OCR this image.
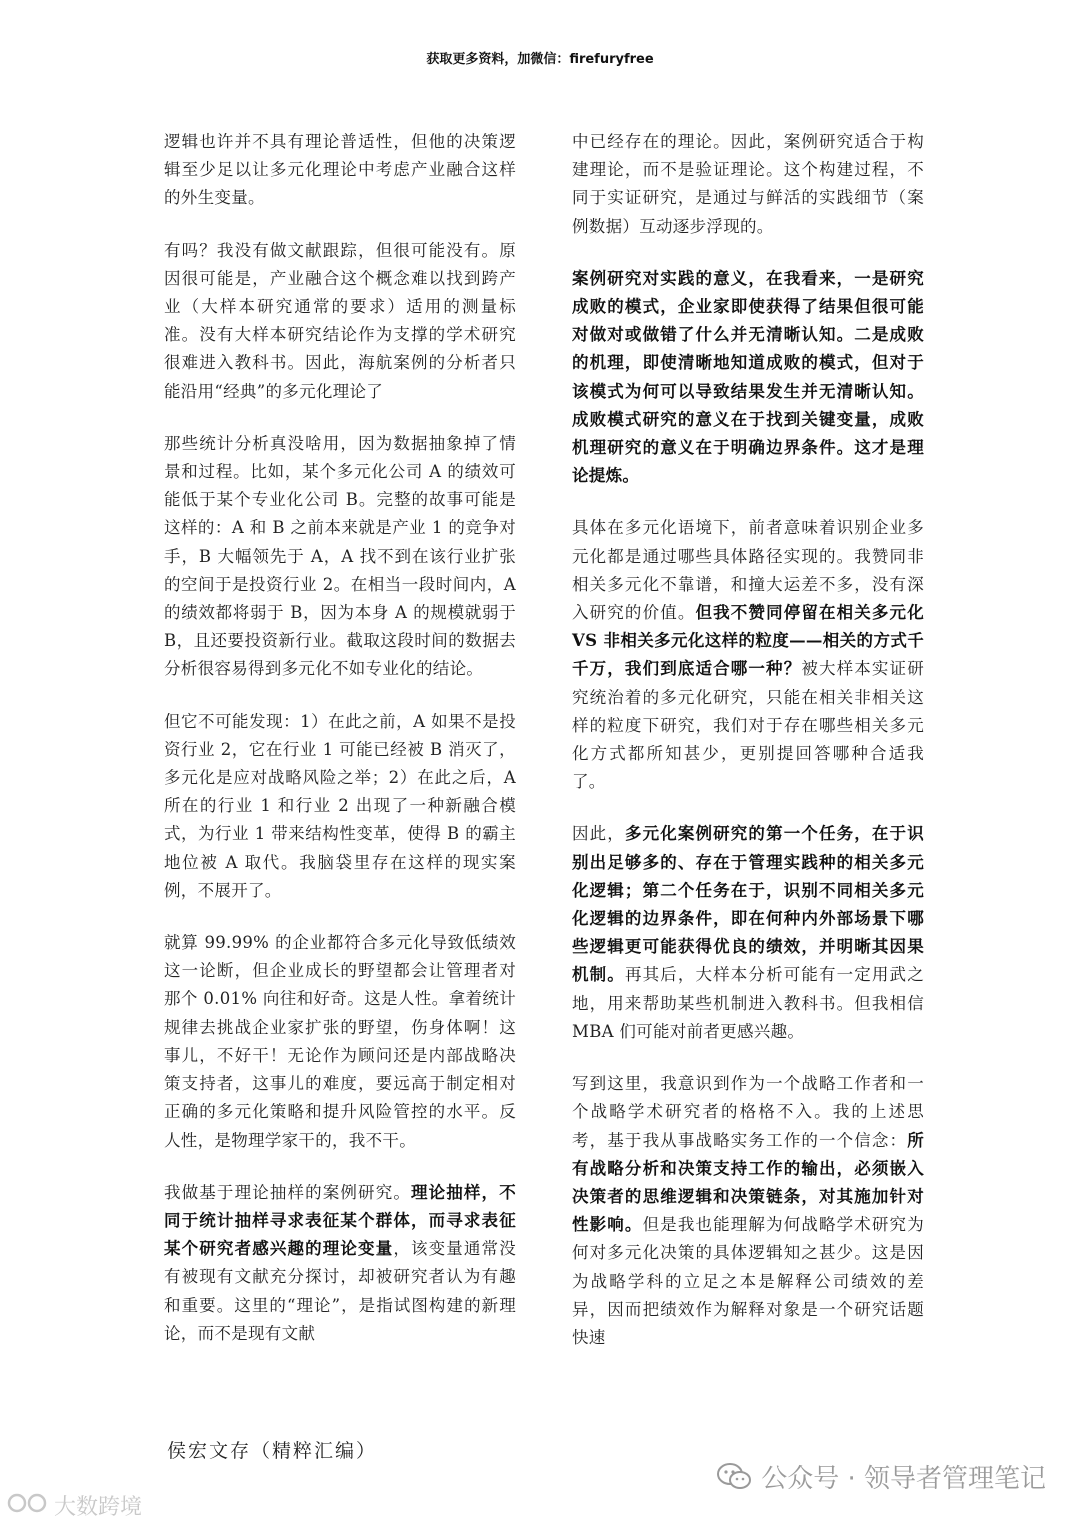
获取更多资料，加微信：firefuryfree

逻辑也许并不具有理论普适性，但他的决策逻辑至少足以让多元化理论中考虑产业融合这样的外生变量。

有吗？我没有做文献跟踪，但很可能没有。原因很可能是，产业融合这个概念难以找到跨产业（大样本研究通常的要求）适用的测量标准。没有大样本研究结论作为支撑的学术研究很难进入教科书。因此，海航案例的分析者只能沿用“经典”的多元化理论了

那些统计分析真没啥用，因为数据抽象掉了情景和过程。比如，某个多元化公司 A 的绩效可能低于某个专业化公司 B。完整的故事可能是这样的：A 和 B 之前本来就是产业 1 的竞争对手，B 大幅领先于 A，A 找不到在该行业扩张的空间于是投资行业 2。在相当一段时间内，A 的绩效都将弱于 B，因为本身 A 的规模就弱于 B，且还要投资新行业。截取这段时间的数据去分析很容易得到多元化不如专业化的结论。

但它不可能发现：1）在此之前，A 如果不是投资行业 2，它在行业 1 可能已经被 B 消灭了，多元化是应对战略风险之举；2）在此之后，A 所在的行业 1 和行业 2 出现了一种新融合模式，为行业 1 带来结构性变革，使得 B 的霸主地位被 A 取代。我脑袋里存在这样的现实案例，不展开了。

就算 99.99% 的企业都符合多元化导致低绩效这一论断，但企业成长的野望都会让管理者对那个 0.01% 向往和好奇。这是人性。拿着统计规律去挑战企业家扩张的野望，伤身体啊！这事儿，不好干！无论作为顾问还是内部战略决策支持者，这事儿的难度，要远高于制定相对正确的多元化策略和提升风险管控的水平。反人性，是物理学家干的，我不干。

我做基于理论抽样的案例研究。理论抽样，不同于统计抽样寻求表征某个群体，而寻求表征某个研究者感兴趣的理论变量，该变量通常没有被现有文献充分探讨，却被研究者认为有趣和重要。这里的“理论”，是指试图构建的新理论，而不是现有文献

中已经存在的理论。因此，案例研究适合于构建理论，而不是验证理论。这个构建过程，不同于实证研究，是通过与鲜活的实践细节（案例数据）互动逐步浮现的。

案例研究对实践的意义，在我看来，一是研究成败的模式，企业家即使获得了结果但很可能对做对或做错了什么并无清晰认知。二是成败的机理，即使清晰地知道成败的模式，但对于该模式为何可以导致结果发生并无清晰认知。成败模式研究的意义在于找到关键变量，成败机理研究的意义在于明确边界条件。这才是理论提炼。

具体在多元化语境下，前者意味着识别企业多元化都是通过哪些具体路径实现的。我赞同非相关多元化不靠谱，和撞大运差不多，没有深入研究的价值。但我不赞同停留在相关多元化 VS 非相关多元化这样的粒度——相关的方式千千万，我们到底适合哪一种？被大样本实证研究统治着的多元化研究，只能在相关非相关这样的粒度下研究，我们对于存在哪些相关多元化方式都所知甚少，更别提回答哪种合适我了。

因此，多元化案例研究的第一个任务，在于识别出足够多的、存在于管理实践种的相关多元化逻辑；第二个任务在于，识别不同相关多元化逻辑的边界条件，即在何种内外部场景下哪些逻辑更可能获得优良的绩效，并明晰其因果机制。再其后，大样本分析可能有一定用武之地，用来帮助某些机制进入教科书。但我相信 MBA 们可能对前者更感兴趣。

写到这里，我意识到作为一个战略工作者和一个战略学术研究者的格格不入。我的上述思考，基于我从事战略实务工作的一个信念：所有战略分析和决策支持工作的输出，必须嵌入决策者的思维逻辑和决策链条，对其施加针对性影响。但是我也能理解为何战略学术研究为何对多元化决策的具体逻辑知之甚少。这是因为战略学科的立足之本是解释公司绩效的差异，因而把绩效作为解释对象是一个研究话题快速

侯宏文存（精粹汇编）
公众号 · 领导者管理笔记
大数跨境
